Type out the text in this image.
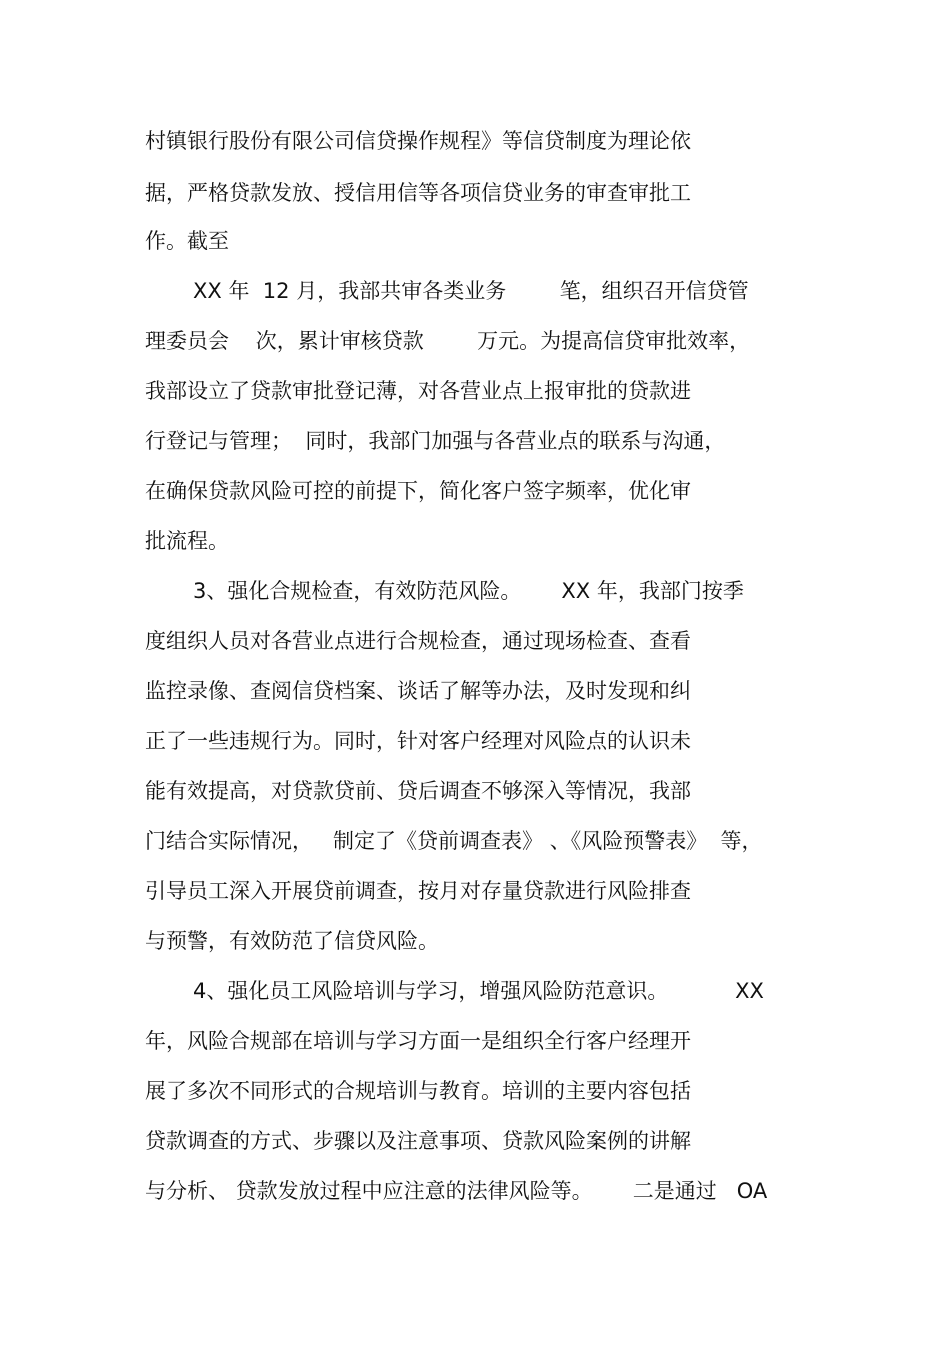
村镇银行股份有限公司信贷操作规程》等信贷制度为理论依
据，严格贷款发放、授信用信等各项信贷业务的审查审批工
作。截至
XX 年  12 月，我部共审各类业务        笔，组织召开信贷管
理委员会    次，累计审核贷款        万元。为提高信贷审批效率，
我部设立了贷款审批登记薄，对各营业点上报审批的贷款进
行登记与管理；  同时，我部门加强与各营业点的联系与沟通，
在确保贷款风险可控的前提下，简化客户签字频率，优化审
批流程。
3、强化合规检查，有效防范风险。      XX 年，我部门按季
度组织人员对各营业点进行合规检查，通过现场检查、查看
监控录像、查阅信贷档案、谈话了解等办法，及时发现和纠
正了一些违规行为。同时，针对客户经理对风险点的认识未
能有效提高，对贷款贷前、贷后调查不够深入等情况，我部
门结合实际情况，   制定了《贷前调查表》 、《风险预警表》  等，
引导员工深入开展贷前调查，按月对存量贷款进行风险排查
与预警，有效防范了信贷风险。
4、强化员工风险培训与学习，增强风险防范意识。          XX
年，风险合规部在培训与学习方面一是组织全行客户经理开
展了多次不同形式的合规培训与教育。培训的主要内容包括
贷款调查的方式、步骤以及注意事项、贷款风险案例的讲解
与分析、 贷款发放过程中应注意的法律风险等。      二是通过   OA
